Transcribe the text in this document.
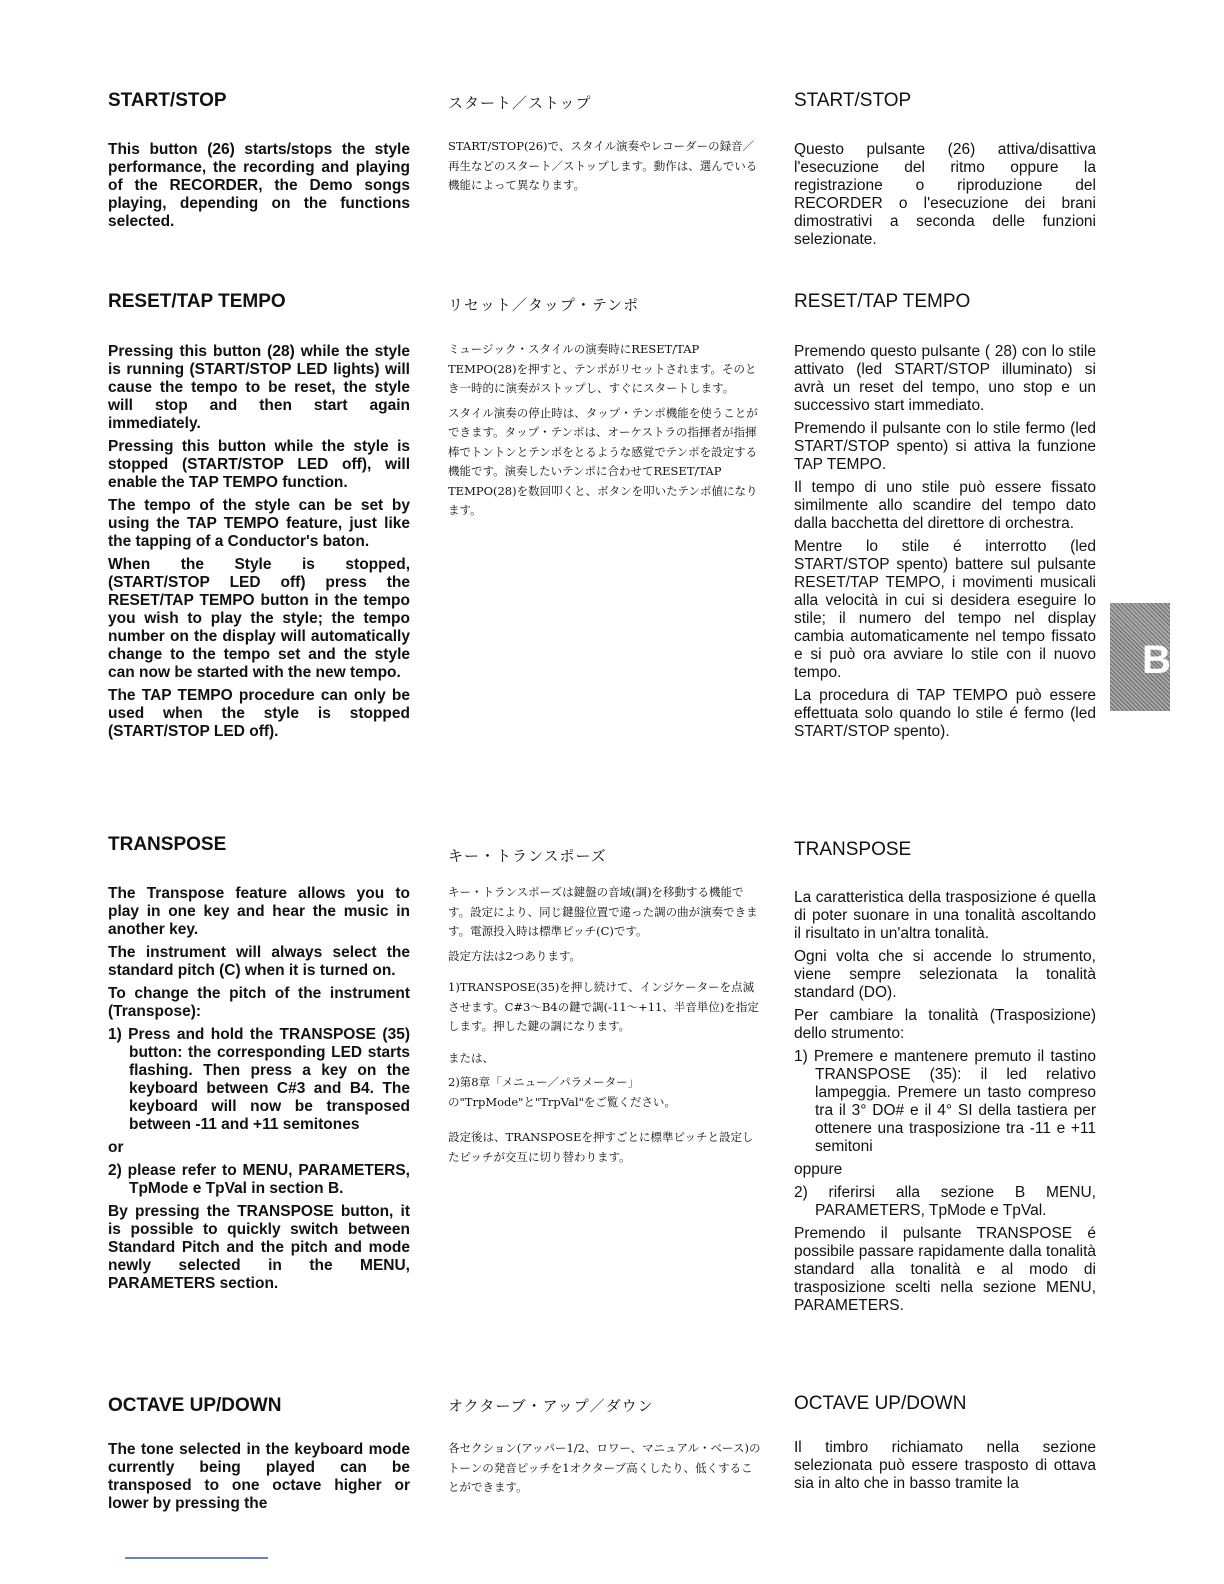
START/STOP	スタート／ストップ	START/STOP

This button (26) starts/stops the style performance, the recording and playing of the RECORDER, the Demo songs playing, depending on the functions selected.

START/STOP(26)で、スタイル演奏やレコーダーの録音／再生などのスタート／ストップします。動作は、選んでいる機能によって異なります。

Questo pulsante (26) attiva/disattiva l'esecuzione del ritmo oppure la registrazione o riproduzione del RECORDER o l'esecuzione dei brani dimostrativi a seconda delle funzioni selezionate.

RESET/TAP TEMPO	リセット／タップ・テンポ	RESET/TAP TEMPO

Pressing this button (28) while the style is running (START/STOP LED lights) will cause the tempo to be reset, the style will stop and then start again immediately.

Pressing this button while the style is stopped (START/STOP LED off), will enable the TAP TEMPO function.

The tempo of the style can be set by using the TAP TEMPO feature, just like the tapping of a Conductor's baton.

When the Style is stopped, (START/STOP LED off) press the RESET/TAP TEMPO button in the tempo you wish to play the style; the tempo number on the display will automatically change to the tempo set and the style can now be started with the new tempo.

The TAP TEMPO procedure can only be used when the style is stopped (START/STOP LED off).

ミュージック・スタイルの演奏時にRESET/TAP TEMPO(28)を押すと、テンポがリセットされます。そのとき一時的に演奏がストップし、すぐにスタートします。

スタイル演奏の停止時は、タップ・テンポ機能を使うことができます。タップ・テンポは、オーケストラの指揮者が指揮棒でトントンとテンポをとるような感覚でテンポを設定する機能です。演奏したいテンポに合わせてRESET/TAP TEMPO(28)を数回叩くと、ボタンを叩いたテンポ値になります。

Premendo questo pulsante ( 28) con lo stile attivato (led START/STOP illuminato) si avrà un reset del tempo, uno stop e un successivo start immediato.

Premendo il pulsante con lo stile fermo (led START/STOP spento) si attiva la funzione TAP TEMPO.

Il tempo di uno stile può essere fissato similmente allo scandire del tempo dato dalla bacchetta del direttore di orchestra.

Mentre lo stile é interrotto (led START/STOP spento) battere sul pulsante RESET/TAP TEMPO, i movimenti musicali alla velocità in cui si desidera eseguire lo stile; il numero del tempo nel display cambia automaticamente nel tempo fissato e si può ora avviare lo stile con il nuovo tempo.

La procedura di TAP TEMPO può essere effettuata solo quando lo stile é fermo (led START/STOP spento).

TRANSPOSE
キー・トランスポーズ	TRANSPOSE

The Transpose feature allows you to play in one key and hear the music in another key.

The instrument will always select the standard pitch (C) when it is turned on.

To change the pitch of the instrument (Transpose):

1) Press and hold the TRANSPOSE (35) button: the corresponding LED starts flashing. Then press a key on the keyboard between C#3 and B4. The keyboard will now be transposed between -11 and +11 semitones

or

2) please refer to MENU, PARAMETERS, TpMode e TpVal in section B.

By pressing the TRANSPOSE button, it is possible to quickly switch between Standard Pitch and the pitch and mode newly selected in the MENU, PARAMETERS section.

キー・トランスポーズは鍵盤の音域(調)を移動する機能です。設定により、同じ鍵盤位置で違った調の曲が演奏できます。電源投入時は標準ピッチ(C)です。

設定方法は2つあります。

1)TRANSPOSE(35)を押し続けて、インジケーターを点滅させます。C#3～B4の鍵で調(-11～+11、半音単位)を指定します。押した鍵の調になります。

または、

2)第8章「メニュー／パラメーター」の"TrpMode"と"TrpVal"をご覧ください。

設定後は、TRANSPOSEを押すごとに標準ピッチと設定したピッチが交互に切り替わります。

La caratteristica della trasposizione é quella di poter suonare in una tonalità ascoltando il risultato in un'altra tonalità.

Ogni volta che si accende lo strumento, viene sempre selezionata la tonalità standard (DO).

Per cambiare la tonalità (Trasposizione) dello strumento:

1) Premere e mantenere premuto il tastino TRANSPOSE (35): il led relativo lampeggia. Premere un tasto compreso tra il 3° DO# e il 4° SI della tastiera per ottenere una trasposizione tra -11 e +11 semitoni

oppure

2) riferirsi alla sezione B MENU, PARAMETERS, TpMode e TpVal.

Premendo il pulsante TRANSPOSE é possibile passare rapidamente dalla tonalità standard alla tonalità e al modo di trasposizione scelti nella sezione MENU, PARAMETERS.

OCTAVE UP/DOWN	オクターブ・アップ／ダウン	OCTAVE UP/DOWN

The tone selected in the keyboard mode currently being played can be transposed to one octave higher or lower by pressing the

各セクション(アッパー1/2、ロワー、マニュアル・ベース)のトーンの発音ピッチを1オクターブ高くしたり、低くすることができます。

Il timbro richiamato nella sezione selezionata può essere trasposto di ottava sia in alto che in basso tramite la

B
